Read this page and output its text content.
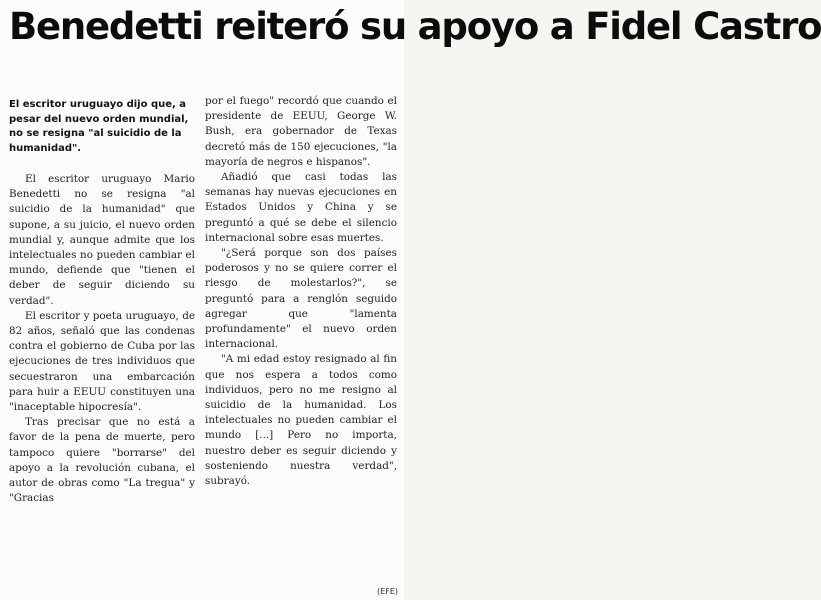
Benedetti reiteró su apoyo a Fidel Castro

El escritor uruguayo dijo que, a pesar del nuevo orden mundial, no se resigna "al suicidio de la humanidad".

El escritor uruguayo Mario Benedetti no se resigna "al suicidio de la humanidad" que supone, a su juicio, el nuevo orden mundial y, aunque admite que los intelectuales no pueden cambiar el mundo, defiende que "tienen el deber de seguir diciendo su verdad".

El escritor y poeta uruguayo, de 82 años, señaló que las condenas contra el gobierno de Cuba por las ejecuciones de tres individuos que secuestraron una embarcación para huir a EEUU constituyen una "inaceptable hipocresía".

Tras precisar que no está a favor de la pena de muerte, pero tampoco quiere "borrarse" del apoyo a la revolución cubana, el autor de obras como "La tregua" y "Gracias

por el fuego" recordó que cuando el presidente de EEUU, George W. Bush, era gobernador de Texas decretó más de 150 ejecuciones, "la mayoría de negros e hispanos".

Añadió que casi todas las semanas hay nuevas ejecuciones en Estados Unidos y China y se preguntó a qué se debe el silencio internacional sobre esas muertes.

"¿Será porque son dos países poderosos y no se quiere correr el riesgo de molestarlos?", se preguntó para a renglón seguido agregar que "lamenta profundamente" el nuevo orden internacional.

"A mi edad estoy resignado al fin que nos espera a todos como individuos, pero no me resigno al suicidio de la humanidad. Los intelectuales no pueden cambiar el mundo [...] Pero no importa, nuestro deber es seguir diciendo y sosteniendo nuestra verdad", subrayó.

(EFE)
